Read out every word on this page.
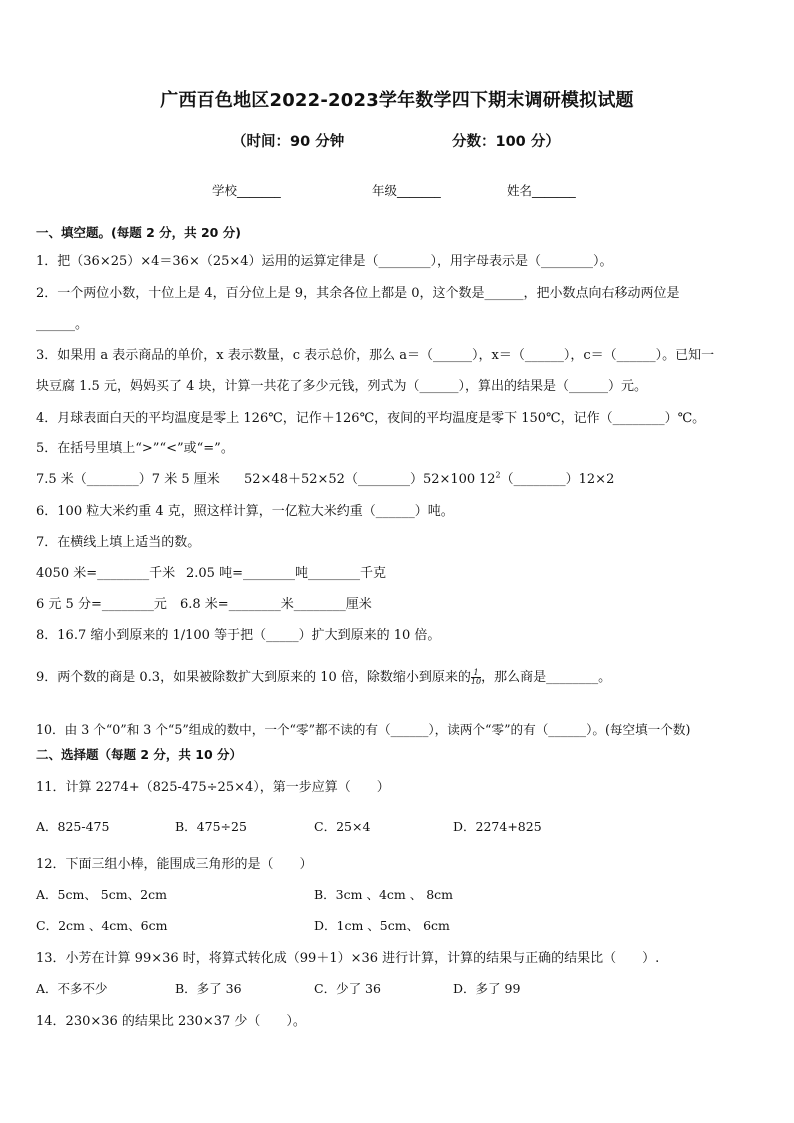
广西百色地区2022-2023学年数学四下期末调研模拟试题
（时间：90 分钟	分数：100 分）
学校_______	年级_______	姓名_______
一、填空题。(每题 2 分，共 20 分)
1．把（36×25）×4＝36×（25×4）运用的运算定律是（________），用字母表示是（________）。
2．一个两位小数，十位上是 4，百分位上是 9，其余各位上都是 0，这个数是______，把小数点向右移动两位是
______。
3．如果用 a 表示商品的单价，x 表示数量，c 表示总价，那么 a＝（______），x＝（______），c＝（______）。已知一
块豆腐 1.5 元，妈妈买了 4 块，计算一共花了多少元钱，列式为（______），算出的结果是（______）元。
4．月球表面白天的平均温度是零上 126℃，记作＋126℃，夜间的平均温度是零下 150℃，记作（________）℃。
5．在括号里填上“>”“<”或“=”。
7.5 米（________）7 米 5 厘米 52×48＋52×52（________）52×100 $12^2(\_\_\_\_\_\_\_\_)12\times 2$
6．100 粒大米约重 4 克，照这样计算，一亿粒大米约重（______）吨。
7．在横线上填上适当的数。
4050 米=________千米 2.05 吨=________吨________千克
6 元 5 分=________元 6.8 米=________米________厘米
8．16.7 缩小到原来的 1/100 等于把（_____）扩大到原来的 10 倍。
9．两个数的商是 0.3，如果被除数扩大到原来的 10 倍，除数缩小到原来的 $\frac{1}{10}$ ，那么商是________。
10．由 3 个“0”和 3 个“5”组成的数中，一个“零”都不读的有（______），读两个“零”的有（______）。(每空填一个数)
二、选择题（每题 2 分，共 10 分）
11．计算 2274+（825-475÷25×4），第一步应算（　　）
A．825-475	B．475÷25	C．25×4	D．2274+825
12．下面三组小棒，能围成三角形的是（　　）
A．5cm、 5cm、2cm	B．3cm 、4cm 、 8cm
C．2cm 、4cm、6cm	D．1cm 、5cm、 6cm
13．小芳在计算 99×36 时，将算式转化成（99＋1）×36 进行计算，计算的结果与正确的结果比（　　）.
A．不多不少	B．多了 36	C．少了 36	D．多了 99
14．230×36 的结果比 230×37 少（　　）。
